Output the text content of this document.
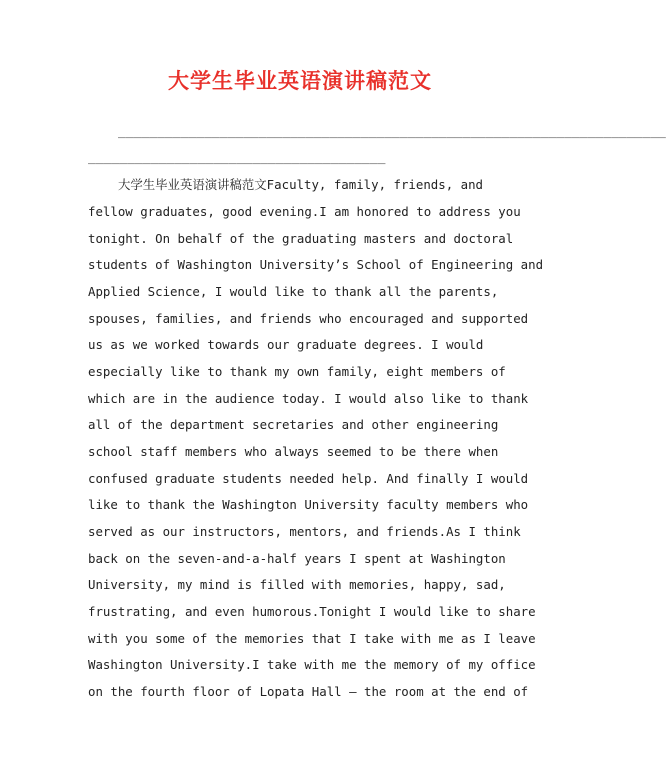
大学生毕业英语演讲稿范文
______________________________________________________________________
______________________________________
大学生毕业英语演讲稿范文Faculty, family, friends, and
fellow graduates, good evening.I am honored to address you
tonight. On behalf of the graduating masters and doctoral
students of Washington University’s School of Engineering and
Applied Science, I would like to thank all the parents,
spouses, families, and friends who encouraged and supported
us as we worked towards our graduate degrees. I would
especially like to thank my own family, eight members of
which are in the audience today. I would also like to thank
all of the department secretaries and other engineering
school staff members who always seemed to be there when
confused graduate students needed help. And finally I would
like to thank the Washington University faculty members who
served as our instructors, mentors, and friends.As I think
back on the seven-and-a-half years I spent at Washington
University, my mind is filled with memories, happy, sad,
frustrating, and even humorous.Tonight I would like to share
with you some of the memories that I take with me as I leave
Washington University.I take with me the memory of my office
on the fourth floor of Lopata Hall – the room at the end of
